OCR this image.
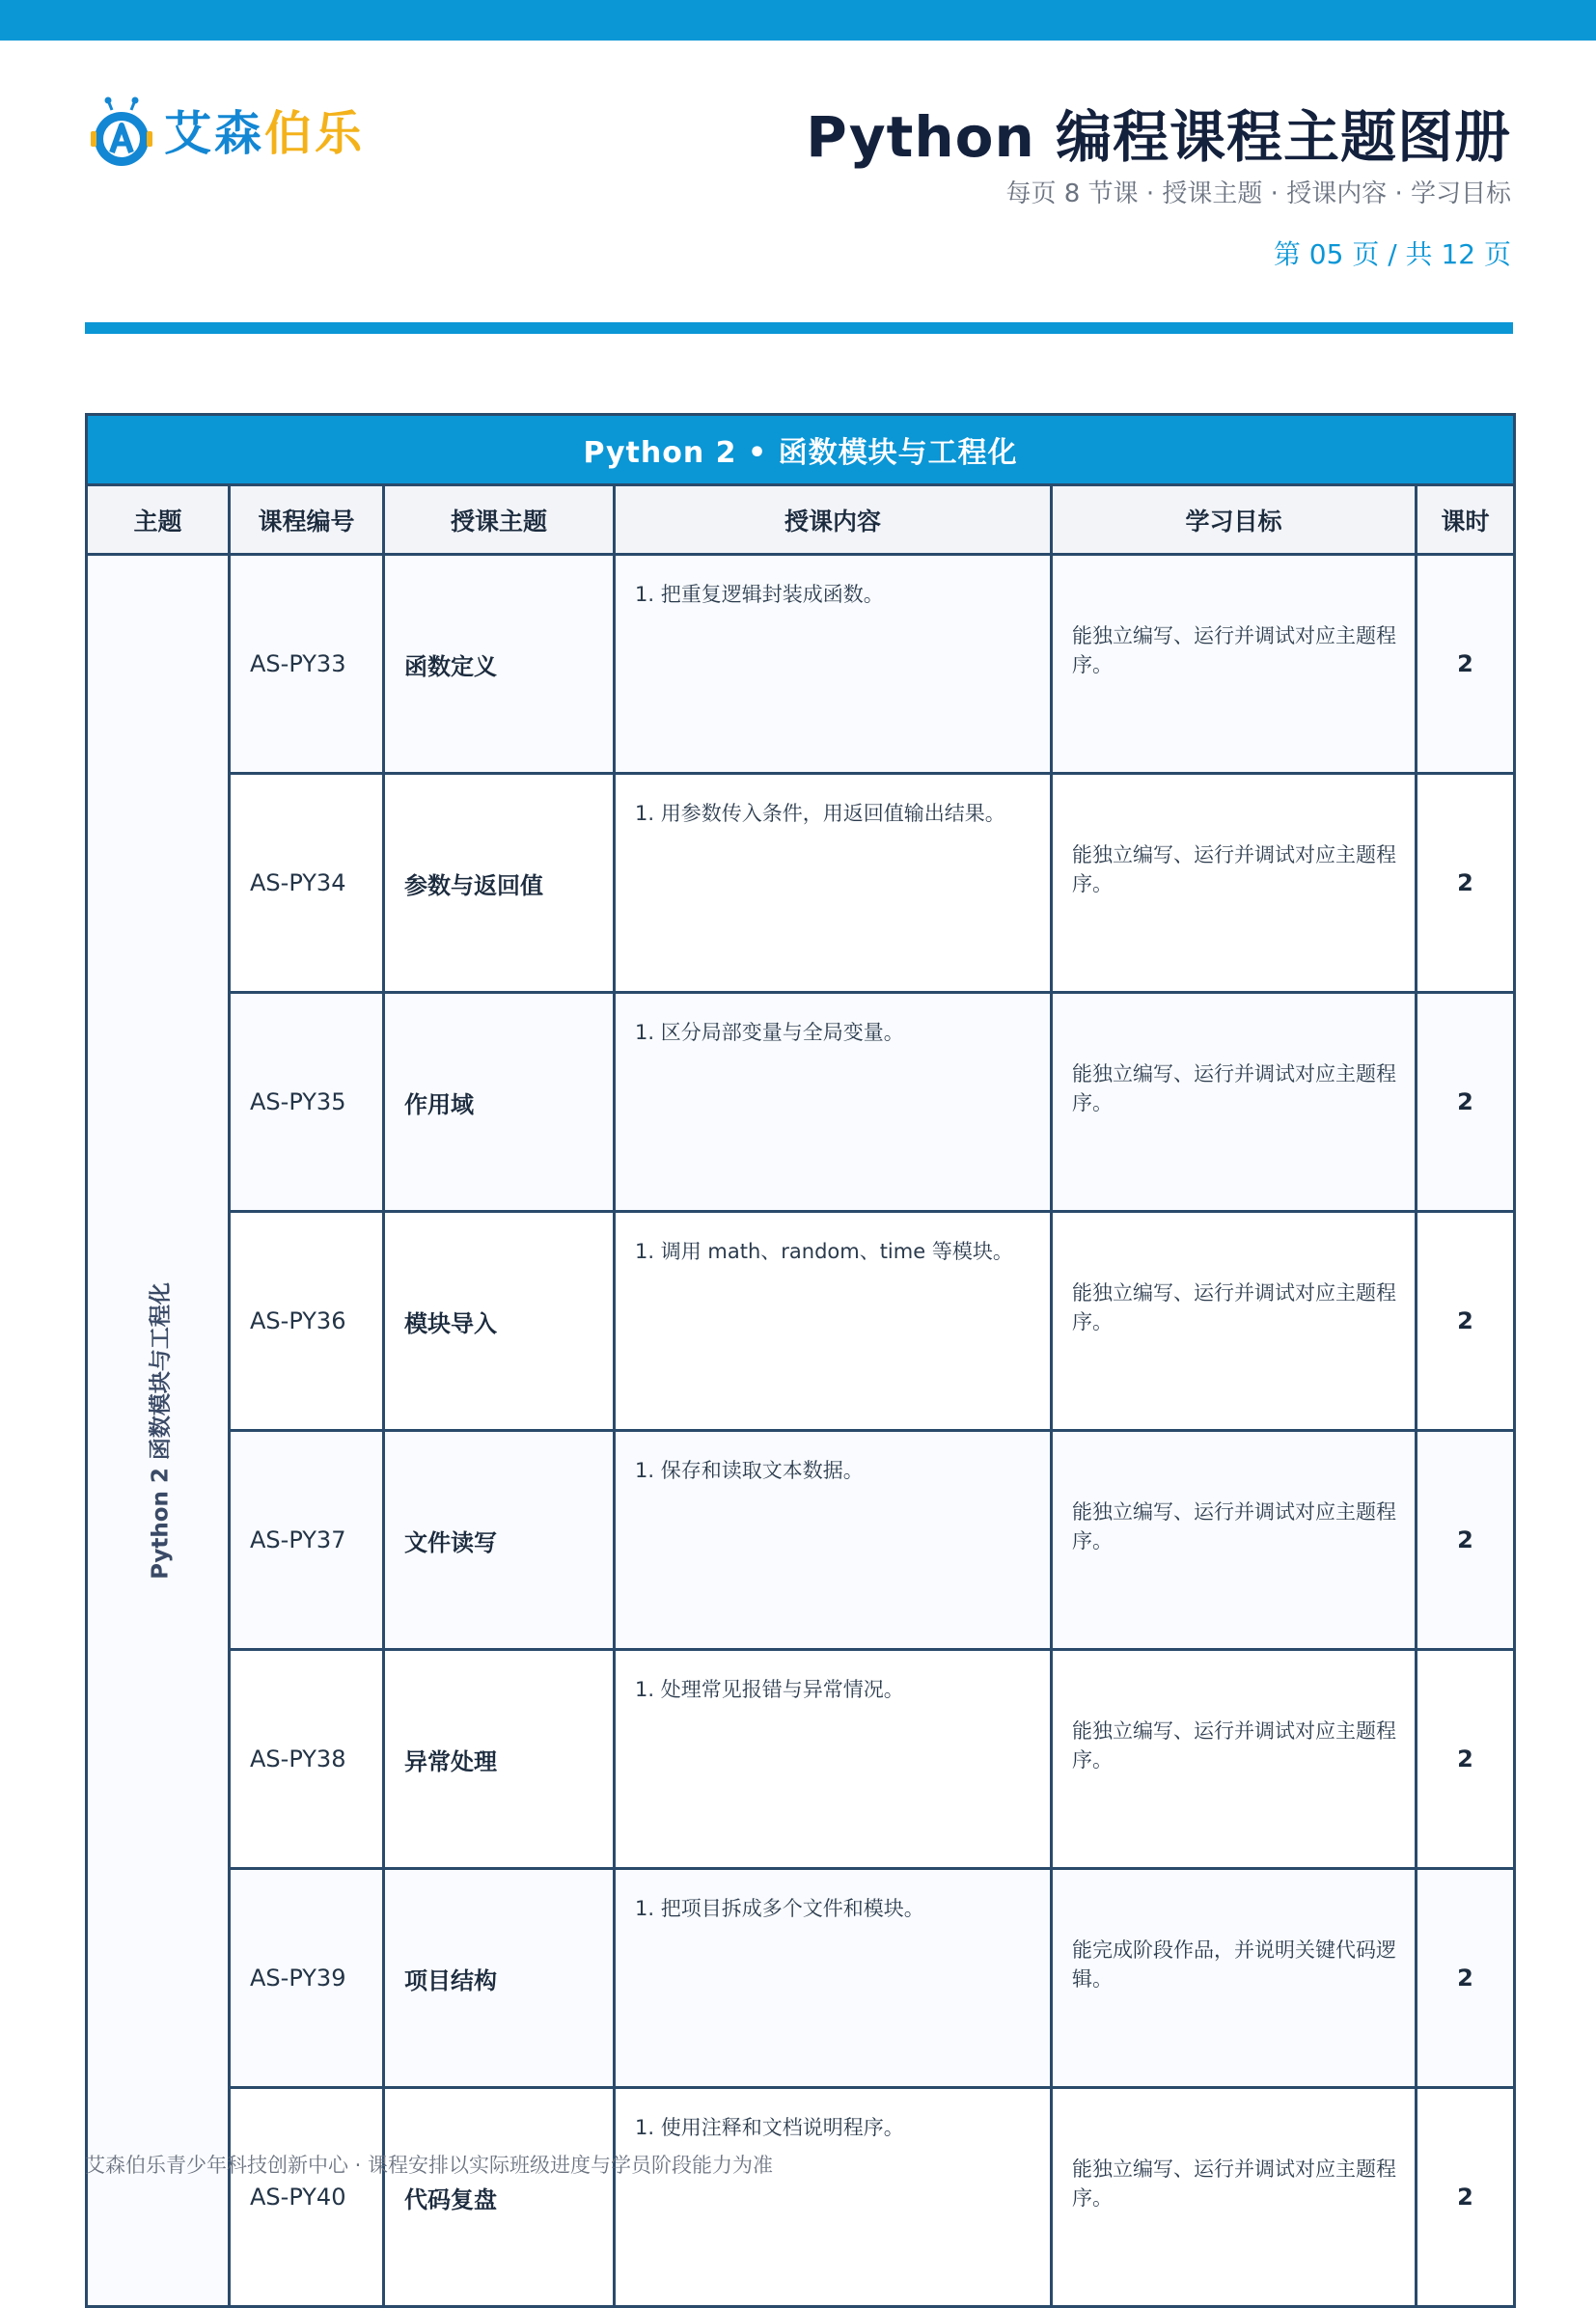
艾森伯乐	Python 编程课程主题图册
每页 8 节课 · 授课主题 · 授课内容 · 学习目标
第 05 页 / 共 12 页
Python 2 • 函数模块与工程化					
主题	课程编号	授课主题	授课内容	学习目标	课时

Python 2 函数模块与工程化	AS-PY33	函数定义	1. 把重复逻辑封装成函数。	能独立编写、运行并调试对应主题程序。	2
	AS-PY34	参数与返回值	1. 用参数传入条件，用返回值输出结果。	能独立编写、运行并调试对应主题程序。	2
	AS-PY35	作用域	1. 区分局部变量与全局变量。	能独立编写、运行并调试对应主题程序。	2
	AS-PY36	模块导入	1. 调用 math、random、time 等模块。	能独立编写、运行并调试对应主题程序。	2
	AS-PY37	文件读写	1. 保存和读取文本数据。	能独立编写、运行并调试对应主题程序。	2
	AS-PY38	异常处理	1. 处理常见报错与异常情况。	能独立编写、运行并调试对应主题程序。	2
	AS-PY39	项目结构	1. 把项目拆成多个文件和模块。	能完成阶段作品，并说明关键代码逻辑。	2
	AS-PY40	代码复盘	1. 使用注释和文档说明程序。	能独立编写、运行并调试对应主题程序。	2
艾森伯乐青少年科技创新中心 · 课程安排以实际班级进度与学员阶段能力为准
